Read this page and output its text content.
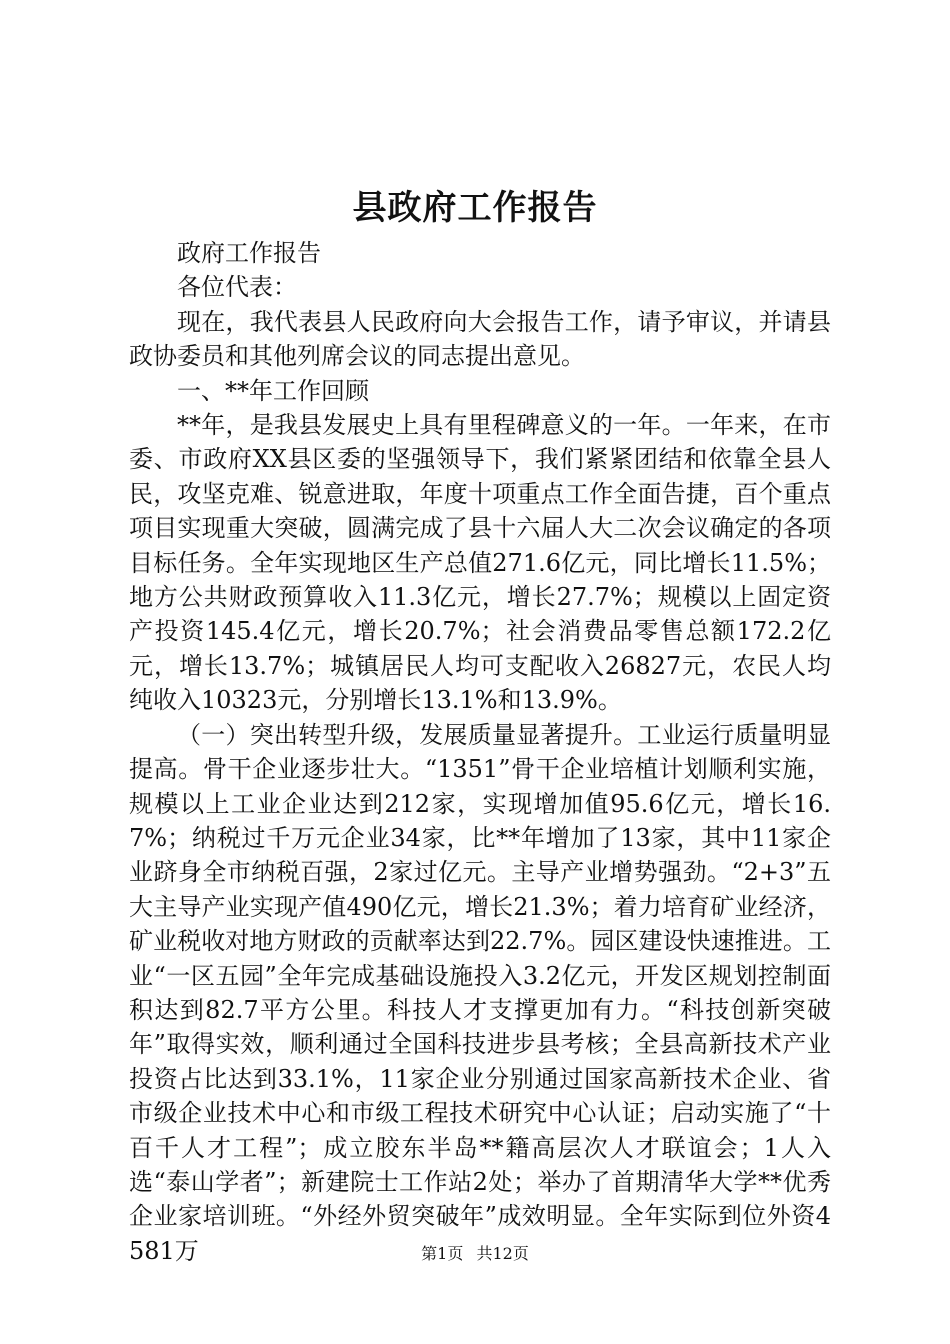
县政府工作报告

政府工作报告

各位代表：

现在，我代表县人民政府向大会报告工作，请予审议，并请县政协委员和其他列席会议的同志提出意见。

一、**年工作回顾

**年，是我县发展史上具有里程碑意义的一年。一年来，在市委、市政府XX县区委的坚强领导下，我们紧紧团结和依靠全县人民，攻坚克难、锐意进取，年度十项重点工作全面告捷，百个重点项目实现重大突破，圆满完成了县十六届人大二次会议确定的各项目标任务。全年实现地区生产总值271.6亿元，同比增长11.5%；地方公共财政预算收入11.3亿元，增长27.7%；规模以上固定资产投资145.4亿元，增长20.7%；社会消费品零售总额172.2亿元，增长13.7%；城镇居民人均可支配收入26827元，农民人均纯收入10323元，分别增长13.1%和13.9%。

（一）突出转型升级，发展质量显著提升。工业运行质量明显提高。骨干企业逐步壮大。“1351”骨干企业培植计划顺利实施，规模以上工业企业达到212家，实现增加值95.6亿元，增长16.7%；纳税过千万元企业34家，比**年增加了13家，其中11家企业跻身全市纳税百强，2家过亿元。主导产业增势强劲。“2+3”五大主导产业实现产值490亿元，增长21.3%；着力培育矿业经济，矿业税收对地方财政的贡献率达到22.7%。园区建设快速推进。工业“一区五园”全年完成基础设施投入3.2亿元，开发区规划控制面积达到82.7平方公里。科技人才支撑更加有力。“科技创新突破年”取得实效，顺利通过全国科技进步县考核；全县高新技术产业投资占比达到33.1%，11家企业分别通过国家高新技术企业、省市级企业技术中心和市级工程技术研究中心认证；启动实施了“十百千人才工程”；成立胶东半岛**籍高层次人才联谊会；1人入选“泰山学者”；新建院士工作站2处；举办了首期清华大学**优秀企业家培训班。“外经外贸突破年”成效明显。全年实际到位外资4581万	第1页 共12页
